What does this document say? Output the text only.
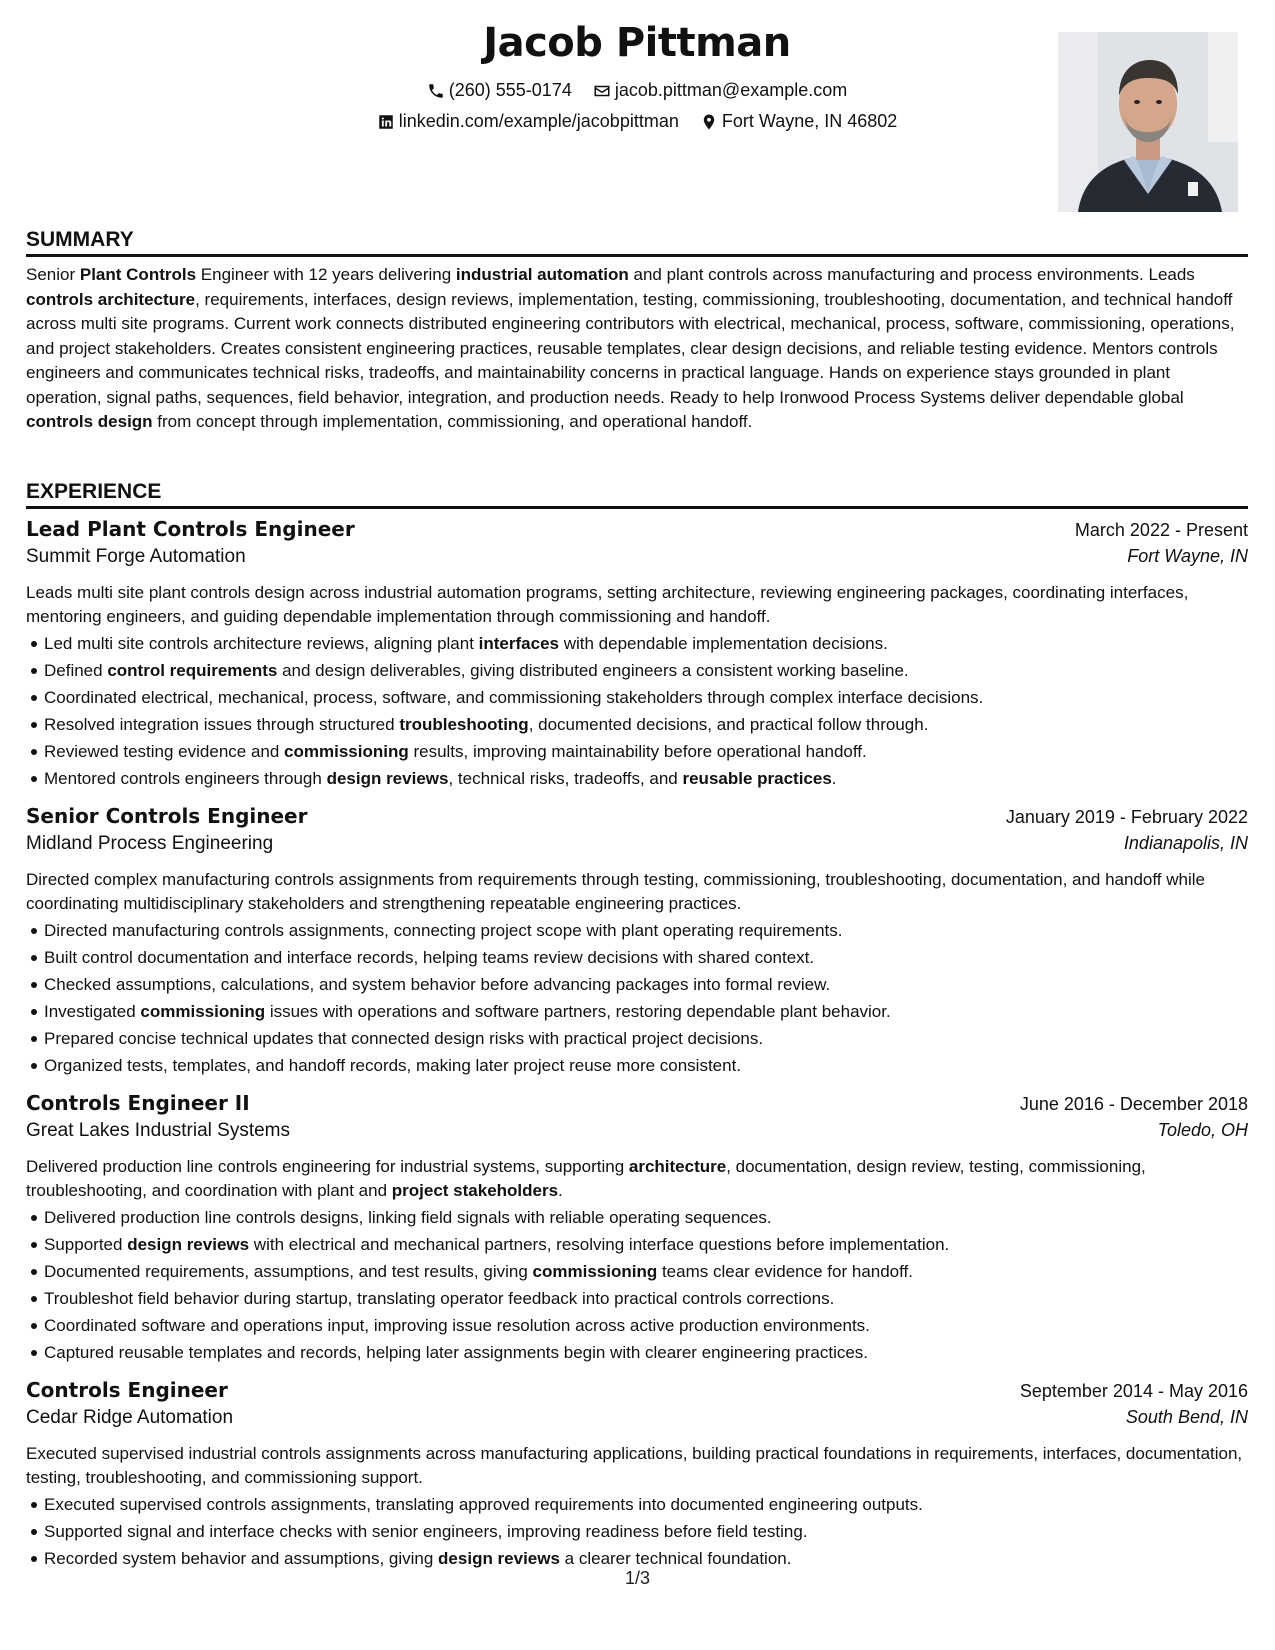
Jacob Pittman
(260) 555-0174
jacob.pittman@example.com
linkedin.com/example/jacobpittman
Fort Wayne, IN 46802
SUMMARY

Senior Plant Controls Engineer with 12 years delivering industrial automation and plant controls across manufacturing and process environments. Leads controls architecture, requirements, interfaces, design reviews, implementation, testing, commissioning, troubleshooting, documentation, and technical handoff across multi site programs. Current work connects distributed engineering contributors with electrical, mechanical, process, software, commissioning, operations, and project stakeholders. Creates consistent engineering practices, reusable templates, clear design decisions, and reliable testing evidence. Mentors controls engineers and communicates technical risks, tradeoffs, and maintainability concerns in practical language. Hands on experience stays grounded in plant operation, signal paths, sequences, field behavior, integration, and production needs. Ready to help Ironwood Process Systems deliver dependable global controls design from concept through implementation, commissioning, and operational handoff.

EXPERIENCE
Lead Plant Controls Engineer	March 2022 - Present
Summit Forge Automation	Fort Wayne, IN
Leads multi site plant controls design across industrial automation programs, setting architecture, reviewing engineering packages, coordinating interfaces, mentoring engineers, and guiding dependable implementation through commissioning and handoff.
Led multi site controls architecture reviews, aligning plant interfaces with dependable implementation decisions.
Defined control requirements and design deliverables, giving distributed engineers a consistent working baseline.
Coordinated electrical, mechanical, process, software, and commissioning stakeholders through complex interface decisions.
Resolved integration issues through structured troubleshooting, documented decisions, and practical follow through.
Reviewed testing evidence and commissioning results, improving maintainability before operational handoff.
Mentored controls engineers through design reviews, technical risks, tradeoffs, and reusable practices.
Senior Controls Engineer	January 2019 - February 2022
Midland Process Engineering	Indianapolis, IN
Directed complex manufacturing controls assignments from requirements through testing, commissioning, troubleshooting, documentation, and handoff while coordinating multidisciplinary stakeholders and strengthening repeatable engineering practices.
Directed manufacturing controls assignments, connecting project scope with plant operating requirements.
Built control documentation and interface records, helping teams review decisions with shared context.
Checked assumptions, calculations, and system behavior before advancing packages into formal review.
Investigated commissioning issues with operations and software partners, restoring dependable plant behavior.
Prepared concise technical updates that connected design risks with practical project decisions.
Organized tests, templates, and handoff records, making later project reuse more consistent.
Controls Engineer II	June 2016 - December 2018
Great Lakes Industrial Systems	Toledo, OH
Delivered production line controls engineering for industrial systems, supporting architecture, documentation, design review, testing, commissioning, troubleshooting, and coordination with plant and project stakeholders.
Delivered production line controls designs, linking field signals with reliable operating sequences.
Supported design reviews with electrical and mechanical partners, resolving interface questions before implementation.
Documented requirements, assumptions, and test results, giving commissioning teams clear evidence for handoff.
Troubleshot field behavior during startup, translating operator feedback into practical controls corrections.
Coordinated software and operations input, improving issue resolution across active production environments.
Captured reusable templates and records, helping later assignments begin with clearer engineering practices.
Controls Engineer	September 2014 - May 2016
Cedar Ridge Automation	South Bend, IN
Executed supervised industrial controls assignments across manufacturing applications, building practical foundations in requirements, interfaces, documentation, testing, troubleshooting, and commissioning support.
Executed supervised controls assignments, translating approved requirements into documented engineering outputs.
Supported signal and interface checks with senior engineers, improving readiness before field testing.
Recorded system behavior and assumptions, giving design reviews a clearer technical foundation.
1/3
